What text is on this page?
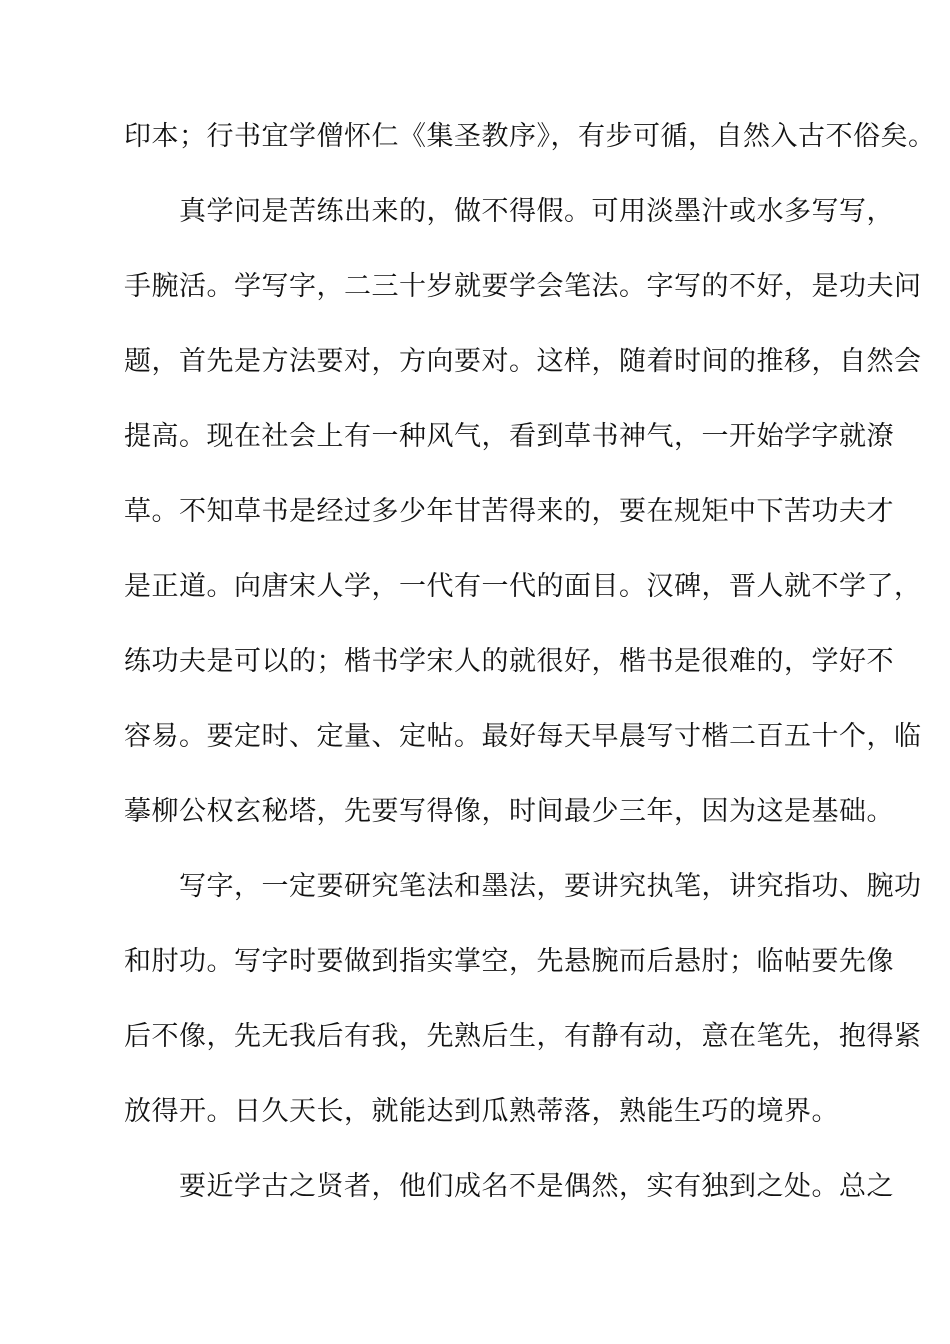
印本；行书宜学僧怀仁《集圣教序》，有步可循，自然入古不俗矣。
　　真学问是苦练出来的，做不得假。可用淡墨汁或水多写写，
手腕活。学写字，二三十岁就要学会笔法。字写的不好，是功夫问
题，首先是方法要对，方向要对。这样，随着时间的推移，自然会
提高。现在社会上有一种风气，看到草书神气，一开始学字就潦
草。不知草书是经过多少年甘苦得来的，要在规矩中下苦功夫才
是正道。向唐宋人学，一代有一代的面目。汉碑，晋人就不学了，
练功夫是可以的；楷书学宋人的就很好，楷书是很难的，学好不
容易。要定时、定量、定帖。最好每天早晨写寸楷二百五十个，临
摹柳公权玄秘塔，先要写得像，时间最少三年，因为这是基础。
　　写字，一定要研究笔法和墨法，要讲究执笔，讲究指功、腕功
和肘功。写字时要做到指实掌空，先悬腕而后悬肘；临帖要先像
后不像，先无我后有我，先熟后生，有静有动，意在笔先，抱得紧
放得开。日久天长，就能达到瓜熟蒂落，熟能生巧的境界。
　　要近学古之贤者，他们成名不是偶然，实有独到之处。总之
